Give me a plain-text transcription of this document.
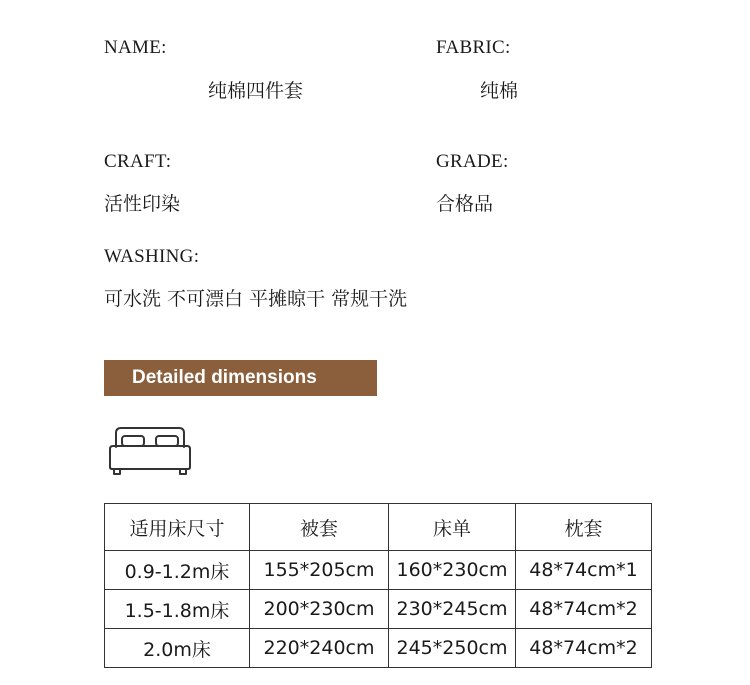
NAME:
纯棉四件套
FABRIC:
纯棉
CRAFT:
活性印染
GRADE:
合格品
WASHING:
可水洗 不可漂白 平摊晾干 常规干洗
Detailed dimensions
适用床尺寸	被套	床单	枕套
0.9-1.2m床	155*205cm	160*230cm	48*74cm*1
1.5-1.8m床	200*230cm	230*245cm	48*74cm*2
2.0m床	220*240cm	245*250cm	48*74cm*2
